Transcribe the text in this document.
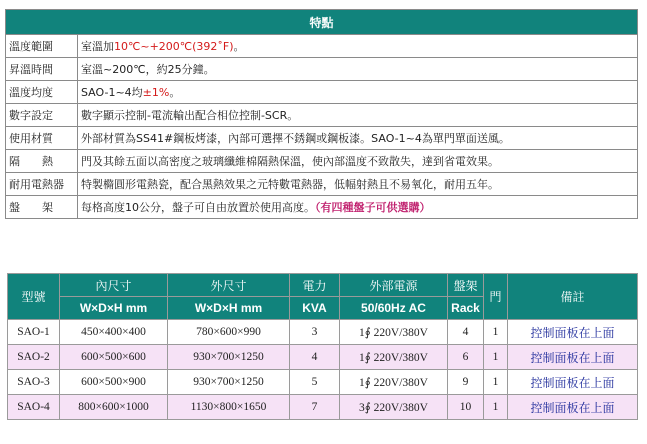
特點	
溫度範圍	室溫加10℃~+200℃(392˚F)。
昇溫時間	室溫~200℃，約25分鐘。
溫度均度	SAO-1~4均±1%。
數字設定	數字顯示控制-電流輸出配合相位控制-SCR。
使用材質	外部材質為SS41#鋼板烤漆，內部可選擇不銹鋼或鋼板漆。SAO-1~4為單門單面送風。
隔　　熱	門及其餘五面以高密度之玻璃纖維棉隔熱保溫，使內部溫度不致散失，達到省電效果。
耐用電熱器	特製橢圓形電熱瓷，配合黑熱效果之元特數電熱器，低幅射熱且不易氧化，耐用五年。
盤　　架	每格高度10公分，盤子可自由放置於使用高度。（有四種盤子可供選購）
型號	內尺寸	外尺寸	電力	外部電源	盤架	門	備註
	W×D×H mm	W×D×H mm	KVA	50/60Hz AC	Rack		
SAO-1	450×400×400	780×600×990	3	1∮ 220V/380V	4	1	控制面板在上面
SAO-2	600×500×600	930×700×1250	4	1∮ 220V/380V	6	1	控制面板在上面
SAO-3	600×500×900	930×700×1250	5	1∮ 220V/380V	9	1	控制面板在上面
SAO-4	800×600×1000	1130×800×1650	7	3∮ 220V/380V	10	1	控制面板在上面
